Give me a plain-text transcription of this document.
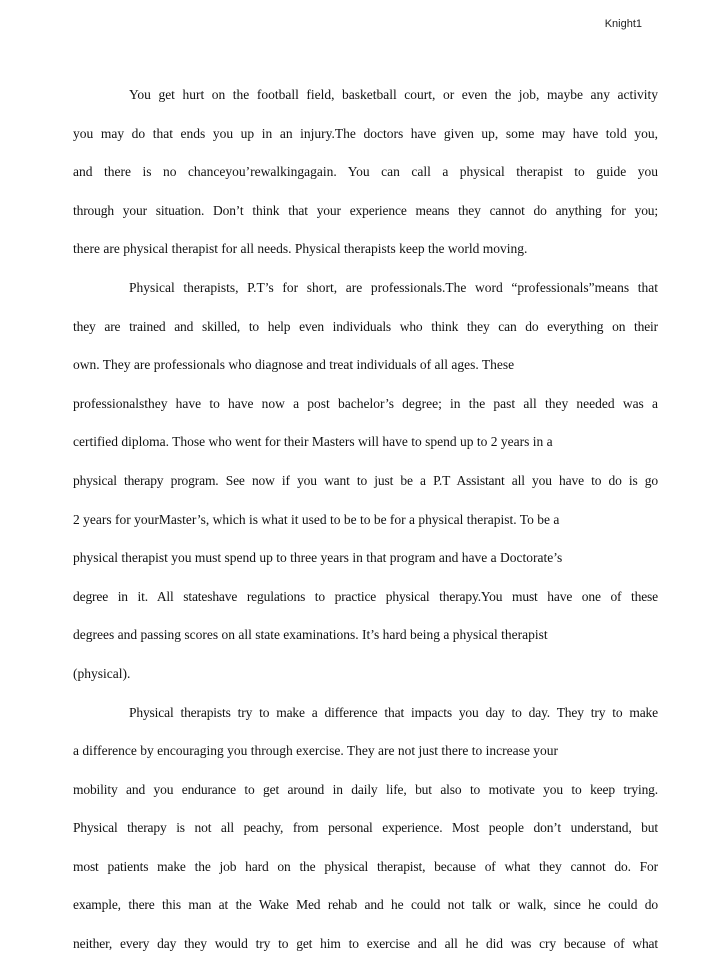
Knight1
You get hurt on the football field, basketball court, or even the job, maybe any activity
you may do that ends you up in an injury.The doctors have given up, some may have told you,
and there is no chanceyou’rewalkingagain. You can call a physical therapist to guide you
through your situation. Don’t think that your experience means they cannot do anything for you;
there are physical therapist for all needs. Physical therapists keep the world moving.
Physical therapists, P.T’s for short, are professionals.The word “professionals”means that
they are trained and skilled, to help even individuals who think they can do everything on their
own. They are professionals who diagnose and treat individuals of all ages. These
professionalsthey have to have now a post bachelor’s degree; in the past all they needed was a
certified diploma. Those who went for their Masters will have to spend up to 2 years in a
physical therapy program. See now if you want to just be a P.T Assistant all you have to do is go
2 years for yourMaster’s, which is what it used to be to be for a physical therapist. To be a
physical therapist you must spend up to three years in that program and have a Doctorate’s
degree in it. All stateshave regulations to practice physical therapy.You must have one of these
degrees and passing scores on all state examinations. It’s hard being a physical therapist
(physical).
Physical therapists try to make a difference that impacts you day to day. They try to make
a difference by encouraging you through exercise. They are not just there to increase your
mobility and you endurance to get around in daily life, but also to motivate you to keep trying.
Physical therapy is not all peachy, from personal experience. Most people don’t understand, but
most patients make the job hard on the physical therapist, because of what they cannot do. For
example, there this man at the Wake Med rehab and he could not talk or walk, since he could do
neither, every day they would try to get him to exercise and all he did was cry because of what
